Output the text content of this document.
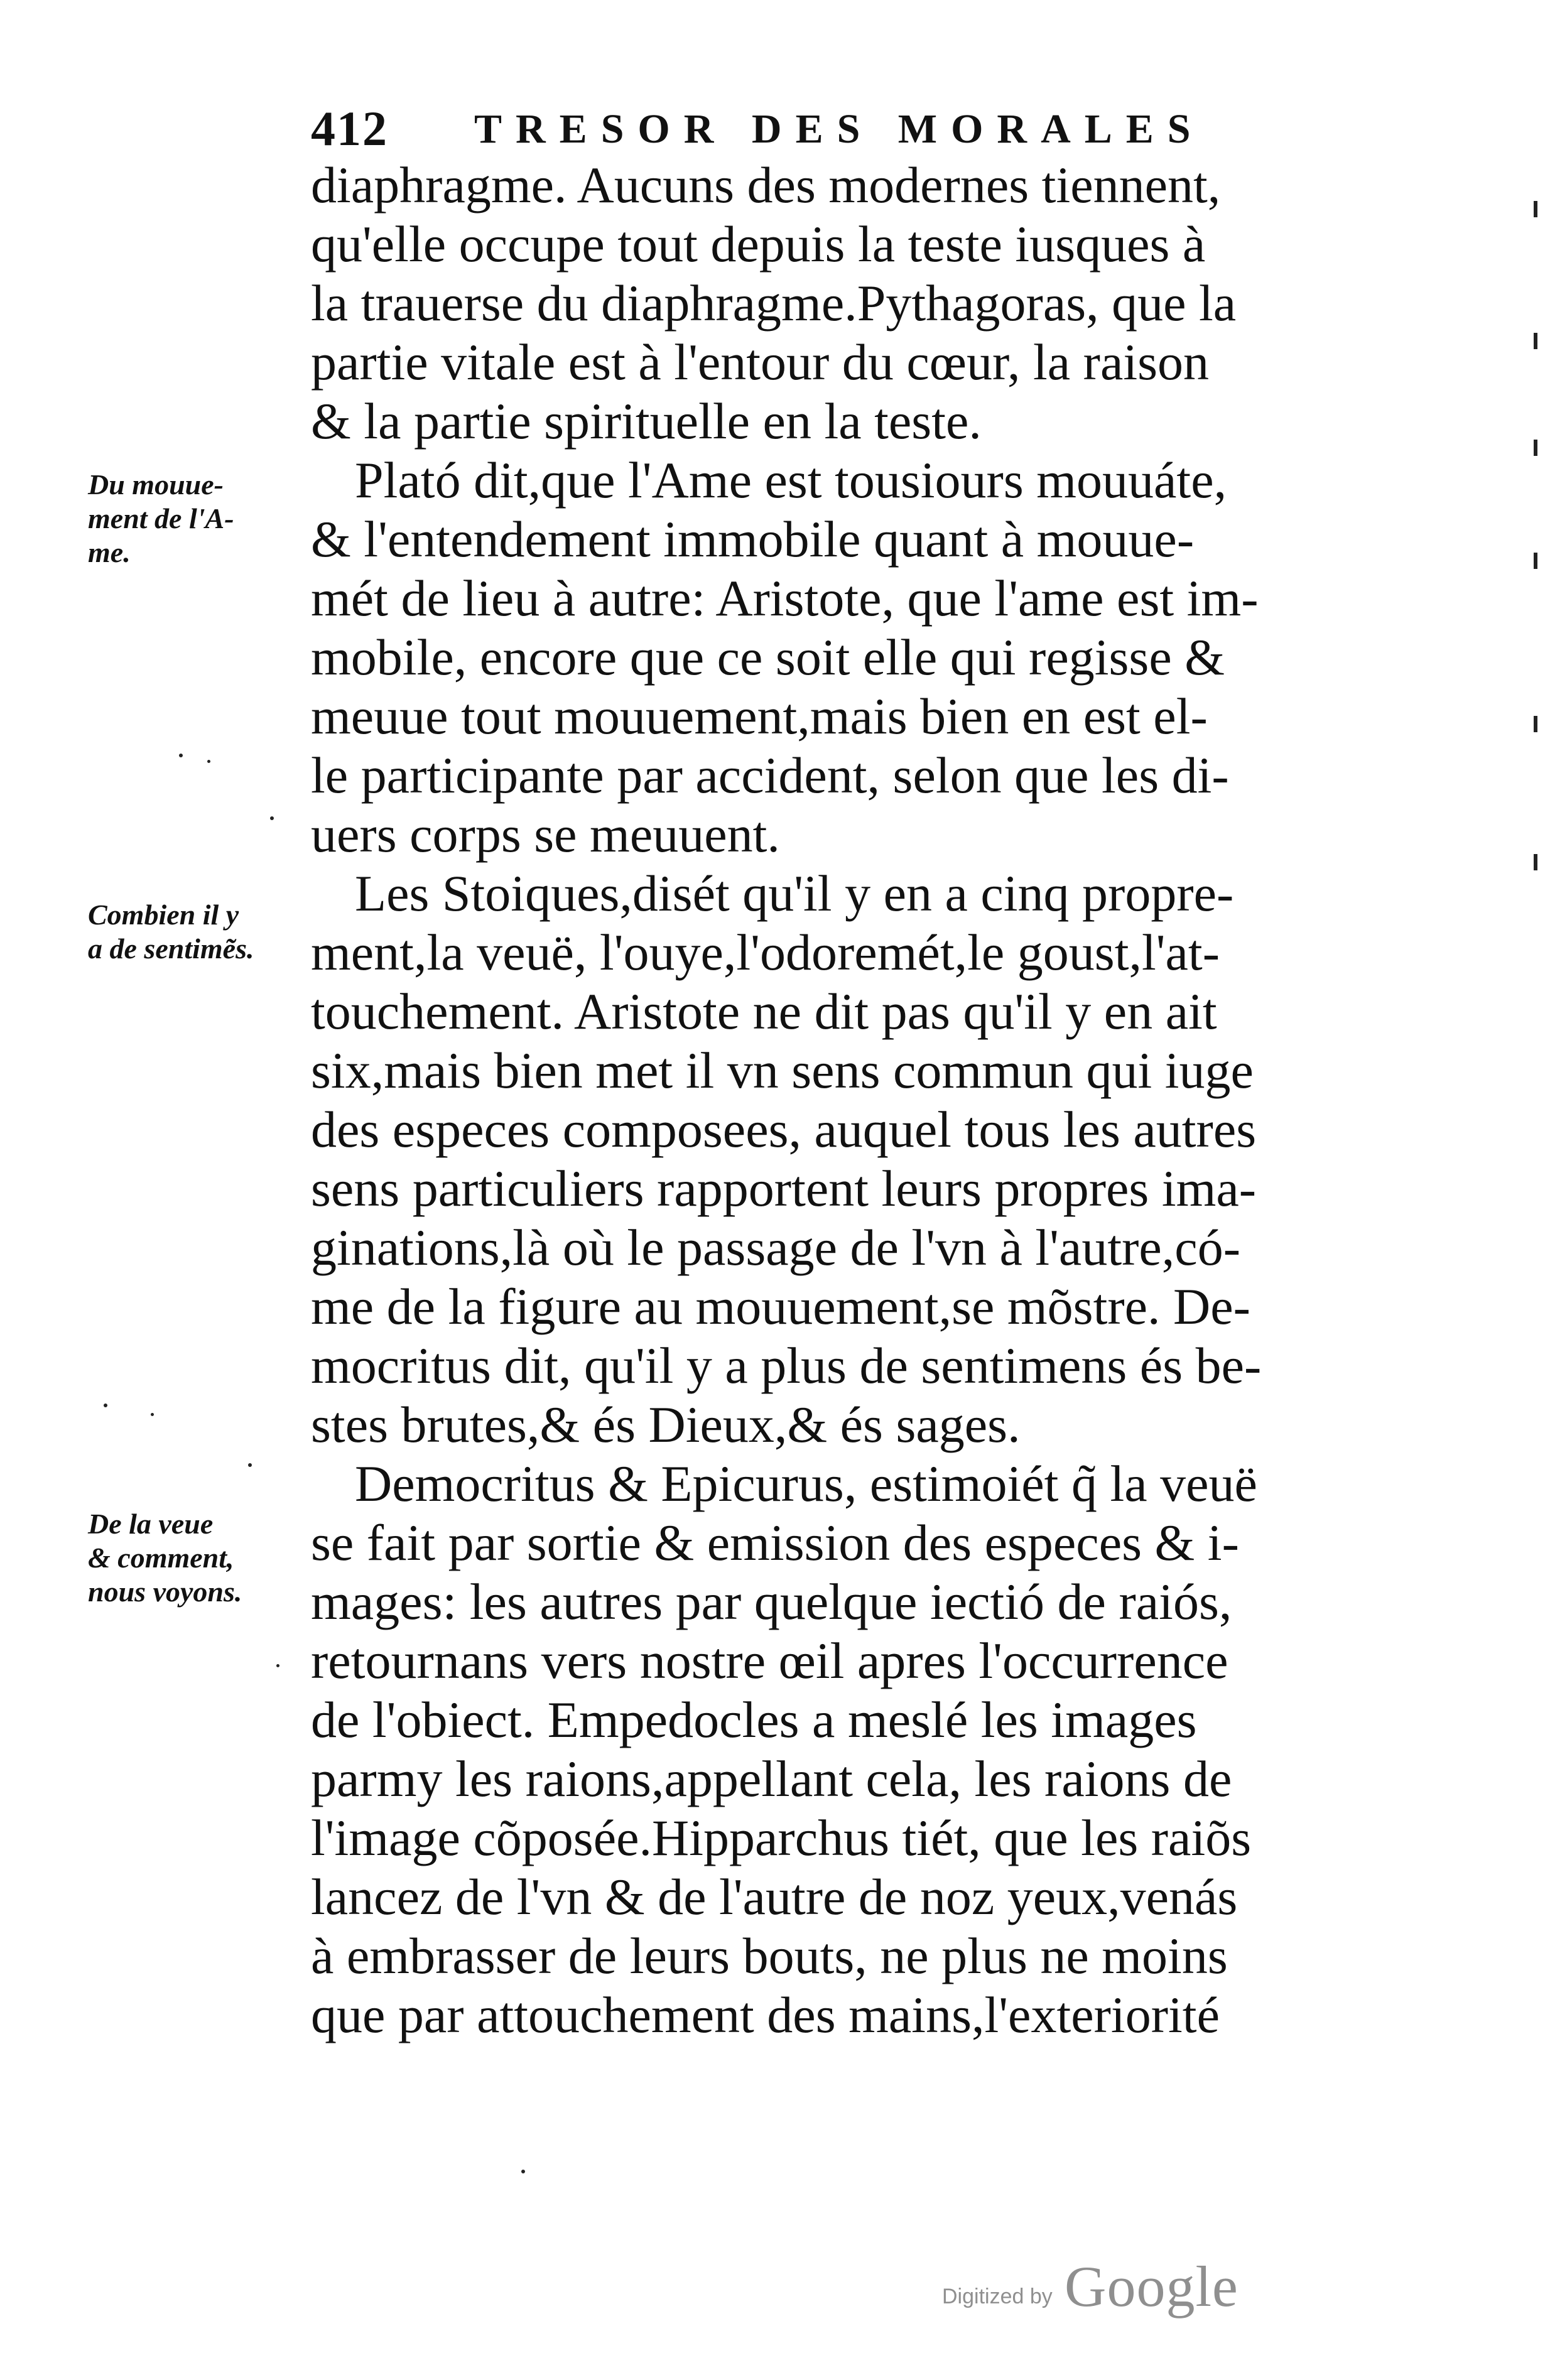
412 TRESOR DES MORALES
diaphragme. Aucuns des modernes tiennent,
qu'elle occupe tout depuis la teste iusques à
la trauerse du diaphragme.Pythagoras, que la
partie vitale est à l'entour du cœur, la raison
& la partie spirituelle en la teste.
Plató dit,que l'Ame est tousiours mouuáte,
& l'entendement immobile quant à mouue-
mét de lieu à autre: Aristote, que l'ame est im-
mobile, encore que ce soit elle qui regisse &
meuue tout mouuement,mais bien en est el-
le participante par accident, selon que les di-
uers corps se meuuent.
Les Stoiques,disét qu'il y en a cinq propre-
ment,la veuë, l'ouye,l'odoremét,le goust,l'at-
touchement. Aristote ne dit pas qu'il y en ait
six,mais bien met il vn sens commun qui iuge
des especes composees, auquel tous les autres
sens particuliers rapportent leurs propres ima-
ginations,là où le passage de l'vn à l'autre,có-
me de la figure au mouuement,se mõstre. De-
mocritus dit, qu'il y a plus de sentimens és be-
stes brutes,& és Dieux,& és sages.
Democritus & Epicurus, estimoiét q̃ la veuë
se fait par sortie & emission des especes & i-
mages: les autres par quelque iectió de raiós,
retournans vers nostre œil apres l'occurrence
de l'obiect. Empedocles a meslé les images
parmy les raions,appellant cela, les raions de
l'image cõposée.Hipparchus tiét, que les raiõs
lancez de l'vn & de l'autre de noz yeux,venás
à embrasser de leurs bouts, ne plus ne moins
que par attouchement des mains,l'exteriorité
Du mouue-
ment de l'A-
me.
Combien il y
a de sentimẽs.
De la veue
& comment,
nous voyons.
Digitized by Google
